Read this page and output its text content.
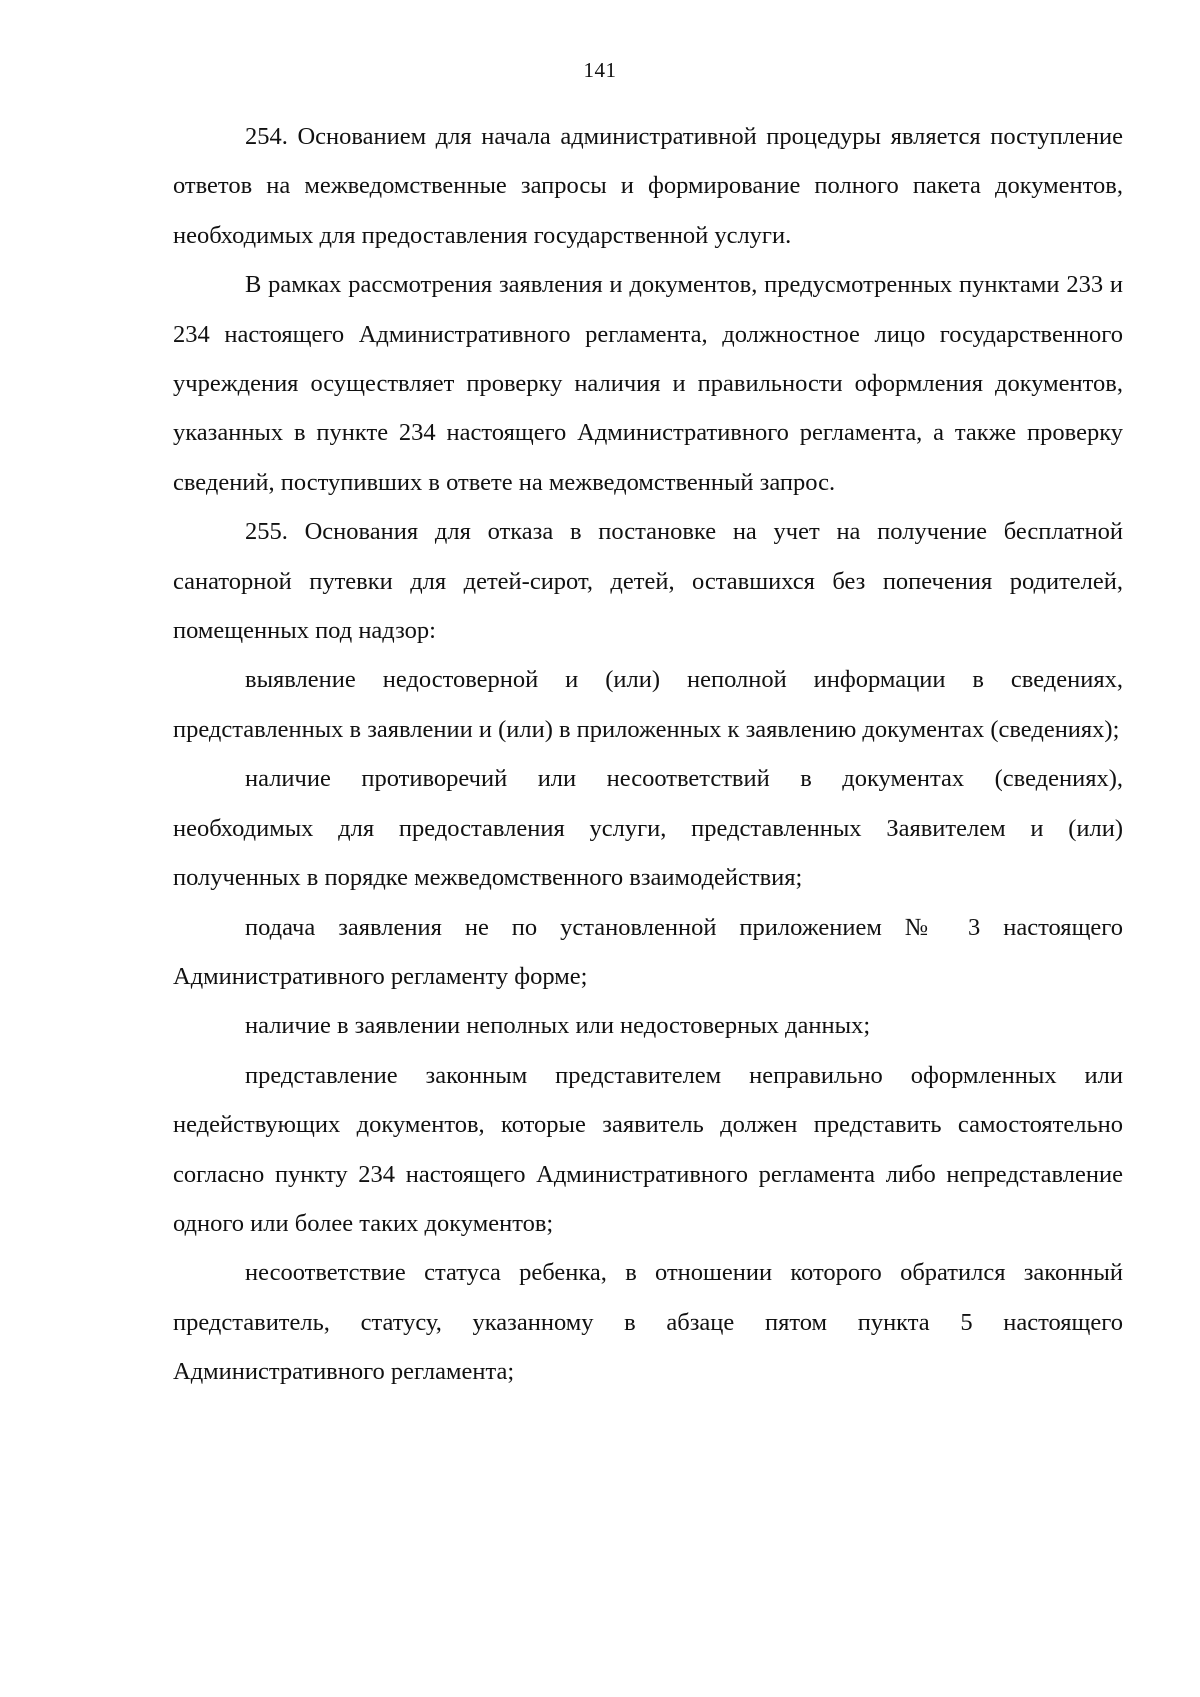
141

254. Основанием для начала административной процедуры является поступление ответов на межведомственные запросы и формирование полного пакета документов, необходимых для предоставления государственной услуги.

В рамках рассмотрения заявления и документов, предусмотренных пунктами 233 и 234 настоящего Административного регламента, должностное лицо государственного учреждения осуществляет проверку наличия и правильности оформления документов, указанных в пункте 234 настоящего Административного регламента, а также проверку сведений, поступивших в ответе на межведомственный запрос.

255. Основания для отказа в постановке на учет на получение бесплатной санаторной путевки для детей-сирот, детей, оставшихся без попечения родителей, помещенных под надзор:

выявление недостоверной и (или) неполной информации в сведениях, представленных в заявлении и (или) в приложенных к заявлению документах (сведениях);

наличие противоречий или несоответствий в документах (сведениях), необходимых для предоставления услуги, представленных Заявителем и (или) полученных в порядке межведомственного взаимодействия;

подача заявления не по установленной приложением № 3 настоящего Административного регламенту форме;

наличие в заявлении неполных или недостоверных данных;

представление законным представителем неправильно оформленных или недействующих документов, которые заявитель должен представить самостоятельно согласно пункту 234 настоящего Административного регламента либо непредставление одного или более таких документов;

несоответствие статуса ребенка, в отношении которого обратился законный представитель, статусу, указанному в абзаце пятом пункта 5 настоящего Административного регламента;
